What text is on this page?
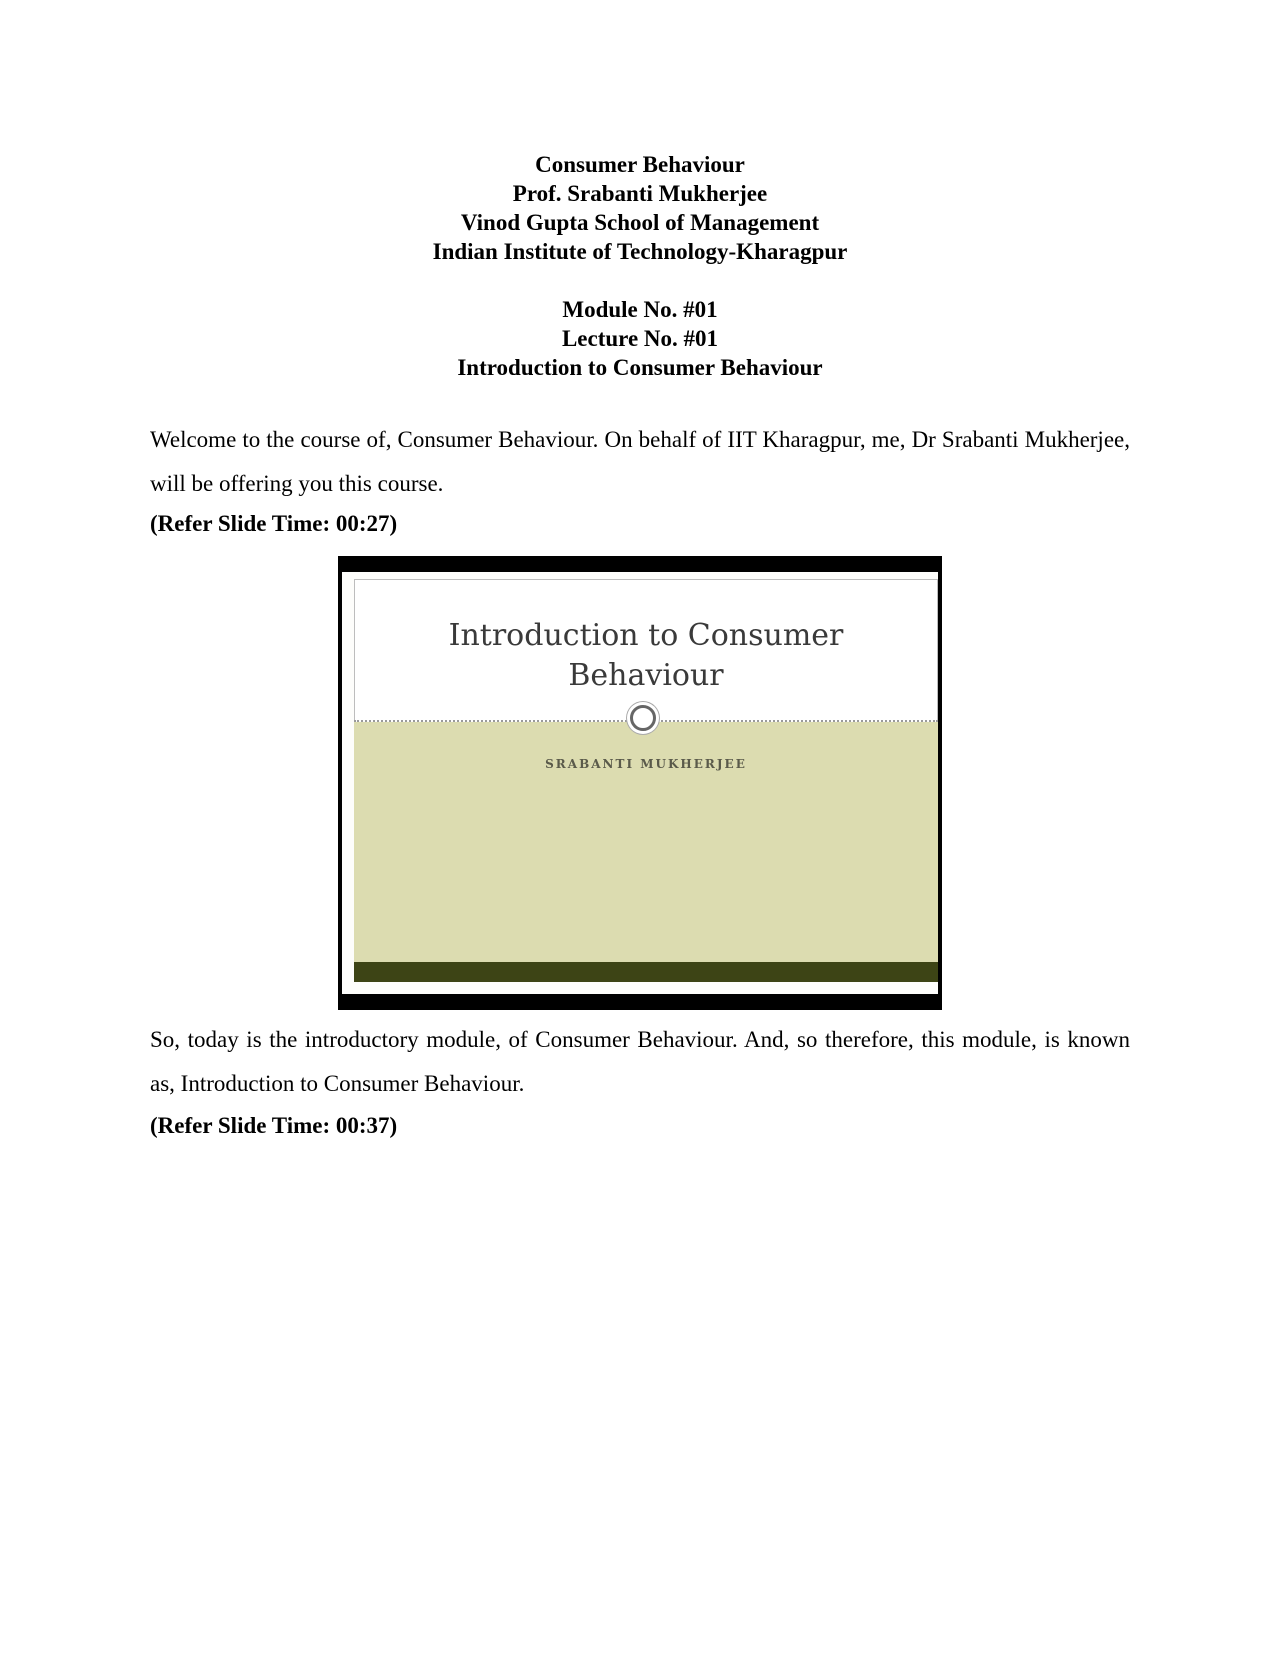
Consumer Behaviour
Prof. Srabanti Mukherjee
Vinod Gupta School of Management
Indian Institute of Technology-Kharagpur
Module No. #01
Lecture No. #01
Introduction to Consumer Behaviour
Welcome to the course of, Consumer Behaviour. On behalf of IIT Kharagpur, me, Dr Srabanti Mukherjee, will be offering you this course.
(Refer Slide Time: 00:27)
Introduction to Consumer
Behaviour
SRABANTI MUKHERJEE
So, today is the introductory module, of Consumer Behaviour. And, so therefore, this module, is known as, Introduction to Consumer Behaviour.
(Refer Slide Time: 00:37)
